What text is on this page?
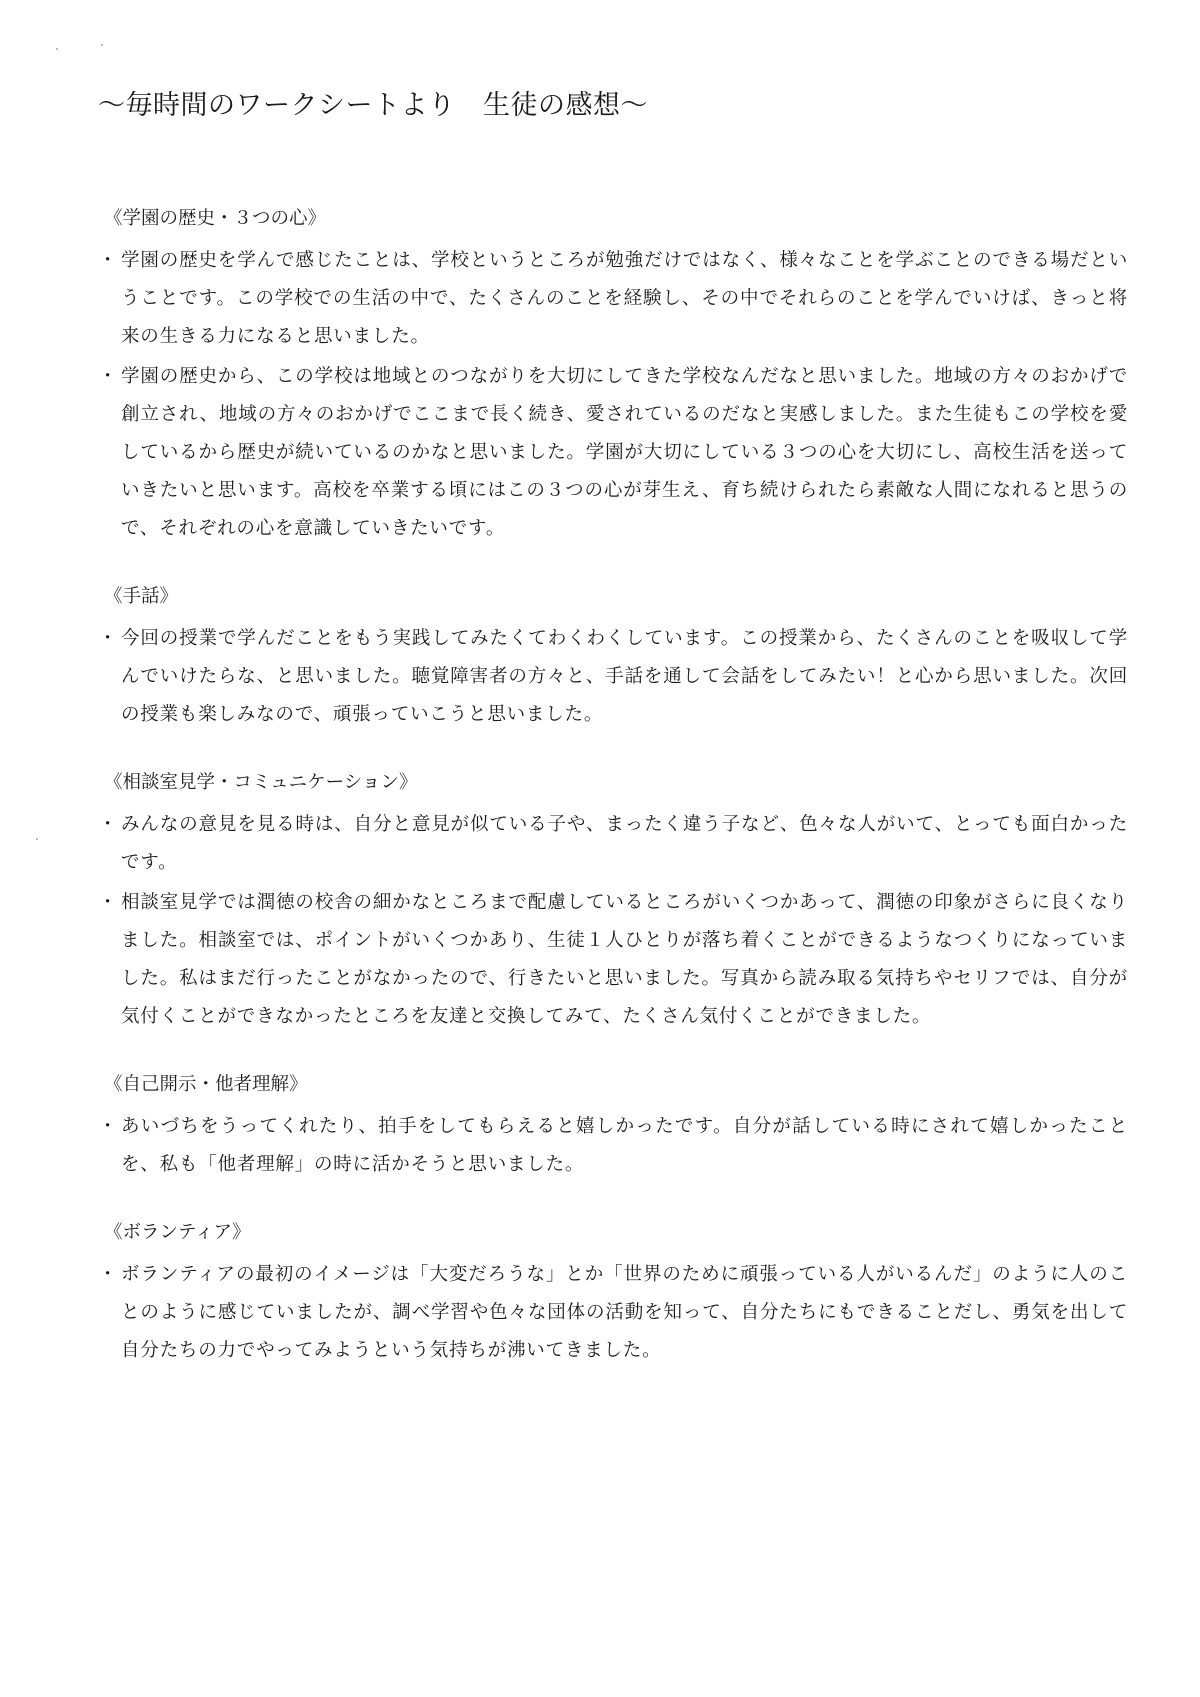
〜毎時間のワークシートより　生徒の感想〜
《学園の歴史・３つの心》
・ 学園の歴史を学んで感じたことは、学校というところが勉強だけではなく、様々なことを学ぶことのできる場だということです。この学校での生活の中で、たくさんのことを経験し、その中でそれらのことを学んでいけば、きっと将来の生きる力になると思いました。
・ 学園の歴史から、この学校は地域とのつながりを大切にしてきた学校なんだなと思いました。地域の方々のおかげで創立され、地域の方々のおかげでここまで長く続き、愛されているのだなと実感しました。また生徒もこの学校を愛しているから歴史が続いているのかなと思いました。学園が大切にしている３つの心を大切にし、高校生活を送っていきたいと思います。高校を卒業する頃にはこの３つの心が芽生え、育ち続けられたら素敵な人間になれると思うので、それぞれの心を意識していきたいです。
《手話》
・ 今回の授業で学んだことをもう実践してみたくてわくわくしています。この授業から、たくさんのことを吸収して学んでいけたらな、と思いました。聴覚障害者の方々と、手話を通して会話をしてみたい！と心から思いました。次回の授業も楽しみなので、頑張っていこうと思いました。
《相談室見学・コミュニケーション》
・ みんなの意見を見る時は、自分と意見が似ている子や、まったく違う子など、色々な人がいて、とっても面白かったです。
・ 相談室見学では潤徳の校舎の細かなところまで配慮しているところがいくつかあって、潤徳の印象がさらに良くなりました。相談室では、ポイントがいくつかあり、生徒１人ひとりが落ち着くことができるようなつくりになっていました。私はまだ行ったことがなかったので、行きたいと思いました。写真から読み取る気持ちやセリフでは、自分が気付くことができなかったところを友達と交換してみて、たくさん気付くことができました。
《自己開示・他者理解》
・ あいづちをうってくれたり、拍手をしてもらえると嬉しかったです。自分が話している時にされて嬉しかったことを、私も「他者理解」の時に活かそうと思いました。
《ボランティア》
・ ボランティアの最初のイメージは「大変だろうな」とか「世界のために頑張っている人がいるんだ」のように人のことのように感じていましたが、調べ学習や色々な団体の活動を知って、自分たちにもできることだし、勇気を出して自分たちの力でやってみようという気持ちが沸いてきました。
